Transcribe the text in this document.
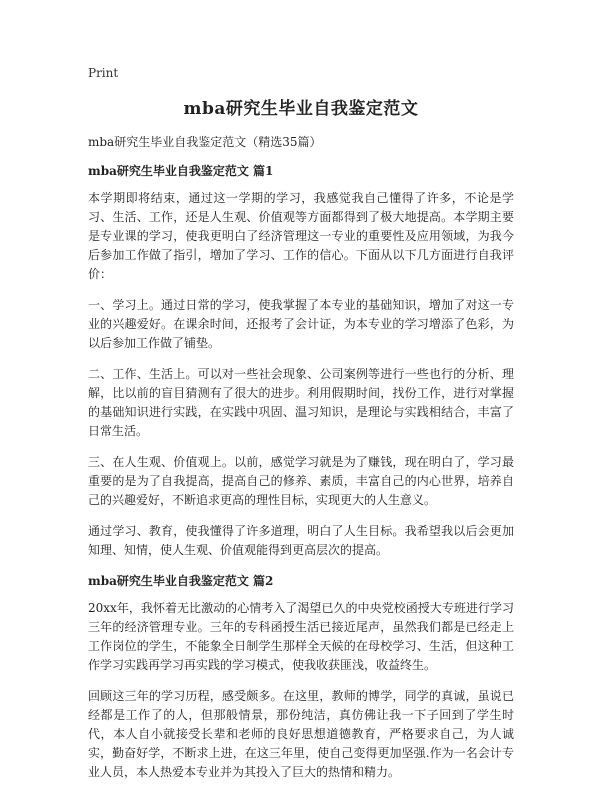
Print
mba研究生毕业自我鉴定范文
mba研究生毕业自我鉴定范文（精选35篇）
mba研究生毕业自我鉴定范文 篇1

本学期即将结束，通过这一学期的学习，我感觉我自己懂得了许多，不论是学习、生活、工作，还是人生观、价值观等方面都得到了极大地提高。本学期主要是专业课的学习，使我更明白了经济管理这一专业的重要性及应用领域，为我今后参加工作做了指引，增加了学习、工作的信心。下面从以下几方面进行自我评价：

一、学习上。通过日常的学习，使我掌握了本专业的基础知识，增加了对这一专业的兴趣爱好。在课余时间，还报考了会计证，为本专业的学习增添了色彩，为以后参加工作做了铺垫。

二、工作、生活上。可以对一些社会现象、公司案例等进行一些也行的分析、理解，比以前的盲目猜测有了很大的进步。利用假期时间，找份工作，进行对掌握的基础知识进行实践，在实践中巩固、温习知识，是理论与实践相结合，丰富了日常生活。

三、在人生观、价值观上。以前，感觉学习就是为了赚钱，现在明白了，学习最重要的是为了自我提高，提高自己的修养、素质，丰富自己的内心世界，培养自己的兴趣爱好，不断追求更高的理性目标，实现更大的人生意义。

通过学习、教育，使我懂得了许多道理，明白了人生目标。我希望我以后会更加知理、知情，使人生观、价值观能得到更高层次的提高。

mba研究生毕业自我鉴定范文 篇2

20xx年，我怀着无比激动的心情考入了渴望已久的中央党校函授大专班进行学习三年的经济管理专业。三年的专科函授生活已接近尾声，虽然我们都是已经走上工作岗位的学生，不能象全日制学生那样全天候的在母校学习、生活，但这种工作学习实践再学习再实践的学习模式，使我收获匪浅，收益终生。

回顾这三年的学习历程，感受颇多。在这里，教师的博学，同学的真诚，虽说已经都是工作了的人，但那般情景，那份纯洁，真仿佛让我一下子回到了学生时代，本人自小就接受长辈和老师的良好思想道德教育，严格要求自己，为人诚实，勤奋好学，不断求上进，在这三年里，使自己变得更加坚强.作为一名会计专业人员，本人热爱本专业并为其投入了巨大的热情和精力。
